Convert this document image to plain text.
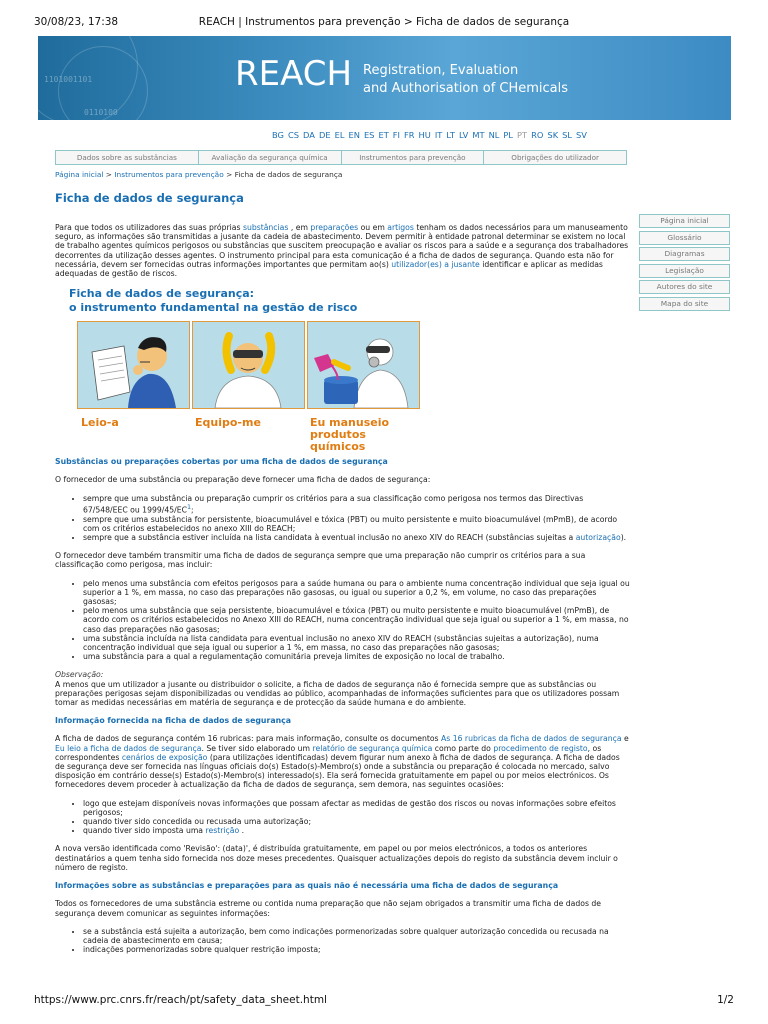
30/08/23, 17:38	REACH | Instrumentos para prevenção > Ficha de dados de segurança

1101001101

0110100

REACH Registration, Evaluation
and Authorisation of CHemicals
BG CS DA DE EL EN ES ET FI FR HU IT LT LV MT NL PL PT RO SK SL SV
Dados sobre as substâncias	Avaliação da segurança química	Instrumentos para prevenção	Obrigações do utilizador
Página inicial > Instrumentos para prevenção > Ficha de dados de segurança
Ficha de dados de segurança
Página inicial
Glossário
Diagramas
Legislação
Autores do site
Mapa do site

Para que todos os utilizadores das suas próprias substâncias , em preparações ou em artigos tenham os dados necessários para um manuseamento seguro, as informações são transmitidas a jusante da cadeia de abastecimento. Devem permitir à entidade patronal determinar se existem no local de trabalho agentes químicos perigosos ou substâncias que suscitem preocupação e avaliar os riscos para a saúde e a segurança dos trabalhadores decorrentes da utilização desses agentes. O instrumento principal para esta comunicação é a ficha de dados de segurança. Quando esta não for necessária, devem ser fornecidas outras informações importantes que permitam ao(s) utilizador(es) a jusante identificar e aplicar as medidas adequadas de gestão de riscos.

Ficha de dados de segurança:
o instrumento fundamental na gestão de risco
Leio-a	Equipo-me	Eu manuseio
produtos químicos
Substâncias ou preparações cobertas por uma ficha de dados de segurança

O fornecedor de uma substância ou preparação deve fornecer uma ficha de dados de segurança:

• sempre que uma substância ou preparação cumprir os critérios para a sua classificação como perigosa nos termos das Directivas 67/548/EEC ou 1999/45/EC$^1$;
• sempre que uma substância for persistente, bioacumulável e tóxica (PBT) ou muito persistente e muito bioacumulável (mPmB), de acordo com os critérios estabelecidos no anexo XIII do REACH;
• sempre que a substância estiver incluída na lista candidata à eventual inclusão no anexo XIV do REACH (substâncias sujeitas a autorização).

O fornecedor deve também transmitir uma ficha de dados de segurança sempre que uma preparação não cumprir os critérios para a sua classificação como perigosa, mas incluir:

• pelo menos uma substância com efeitos perigosos para a saúde humana ou para o ambiente numa concentração individual que seja igual ou superior a 1 %, em massa, no caso das preparações não gasosas, ou igual ou superior a 0,2 %, em volume, no caso das preparações gasosas;
• pelo menos uma substância que seja persistente, bioacumulável e tóxica (PBT) ou muito persistente e muito bioacumulável (mPmB), de acordo com os critérios estabelecidos no Anexo XIII do REACH, numa concentração individual que seja igual ou superior a 1 %, em massa, no caso das preparações não gasosas;
• uma substância incluída na lista candidata para eventual inclusão no anexo XIV do REACH (substâncias sujeitas a autorização), numa concentração individual que seja igual ou superior a 1 %, em massa, no caso das preparações não gasosas;
• uma substância para a qual a regulamentação comunitária preveja limites de exposição no local de trabalho.

Observação:
A menos que um utilizador a jusante ou distribuidor o solicite, a ficha de dados de segurança não é fornecida sempre que as substâncias ou preparações perigosas sejam disponibilizadas ou vendidas ao público, acompanhadas de informações suficientes para que os utilizadores possam tomar as medidas necessárias em matéria de segurança e de protecção da saúde humana e do ambiente.

Informação fornecida na ficha de dados de segurança

A ficha de dados de segurança contém 16 rubricas: para mais informação, consulte os documentos As 16 rubricas da ficha de dados de segurança e Eu leio a ficha de dados de segurança. Se tiver sido elaborado um relatório de segurança química como parte do procedimento de registo, os correspondentes cenários de exposição (para utilizações identificadas) devem figurar num anexo à ficha de dados de segurança. A ficha de dados de segurança deve ser fornecida nas línguas oficiais do(s) Estado(s)-Membro(s) onde a substância ou preparação é colocada no mercado, salvo disposição em contrário desse(s) Estado(s)-Membro(s) interessado(s). Ela será fornecida gratuitamente em papel ou por meios electrónicos. Os fornecedores devem proceder à actualização da ficha de dados de segurança, sem demora, nas seguintes ocasiões:

• logo que estejam disponíveis novas informações que possam afectar as medidas de gestão dos riscos ou novas informações sobre efeitos perigosos;
• quando tiver sido concedida ou recusada uma autorização;
• quando tiver sido imposta uma restrição .

A nova versão identificada como 'Revisão': (data)', é distribuída gratuitamente, em papel ou por meios electrónicos, a todos os anteriores destinatários a quem tenha sido fornecida nos doze meses precedentes. Quaisquer actualizações depois do registo da substância devem incluir o número de registo.

Informações sobre as substâncias e preparações para as quais não é necessária uma ficha de dados de segurança

Todos os fornecedores de uma substância estreme ou contida numa preparação que não sejam obrigados a transmitir uma ficha de dados de segurança devem comunicar as seguintes informações:

• se a substância está sujeita a autorização, bem como indicações pormenorizadas sobre qualquer autorização concedida ou recusada na cadeia de abastecimento em causa;
• indicações pormenorizadas sobre qualquer restrição imposta;
https://www.prc.cnrs.fr/reach/pt/safety_data_sheet.html	1/2
